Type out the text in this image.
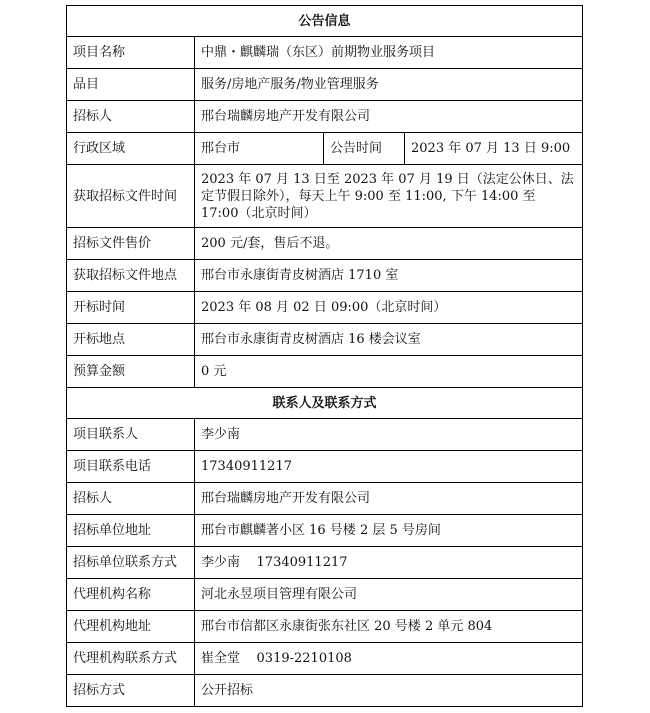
公告信息			
项目名称	中鼎・麒麟瑞（东区）前期物业服务项目		
品目	服务/房地产服务/物业管理服务		
招标人	邢台瑞麟房地产开发有限公司		
行政区域	邢台市	公告时间	2023 年 07 月 13 日 9:00
获取招标文件时间	2023 年 07 月 13 日至 2023 年 07 月 19 日（法定公休日、法定节假日除外），每天上午 9:00 至 11:00, 下午 14:00 至 17:00（北京时间）		
招标文件售价	200 元/套，售后不退。		
获取招标文件地点	邢台市永康街青皮树酒店 1710 室		
开标时间	2023 年 08 月 02 日 09:00（北京时间）		
开标地点	邢台市永康街青皮树酒店 16 楼会议室		
预算金额	0 元		
联系人及联系方式			
项目联系人	李少南		
项目联系电话	17340911217		
招标人	邢台瑞麟房地产开发有限公司		
招标单位地址	邢台市麒麟著小区 16 号楼 2 层 5 号房间		
招标单位联系方式	李少南    17340911217		
代理机构名称	河北永昱项目管理有限公司		
代理机构地址	邢台市信都区永康街张东社区 20 号楼 2 单元 804		
代理机构联系方式	崔全堂    0319-2210108		
招标方式	公开招标		
